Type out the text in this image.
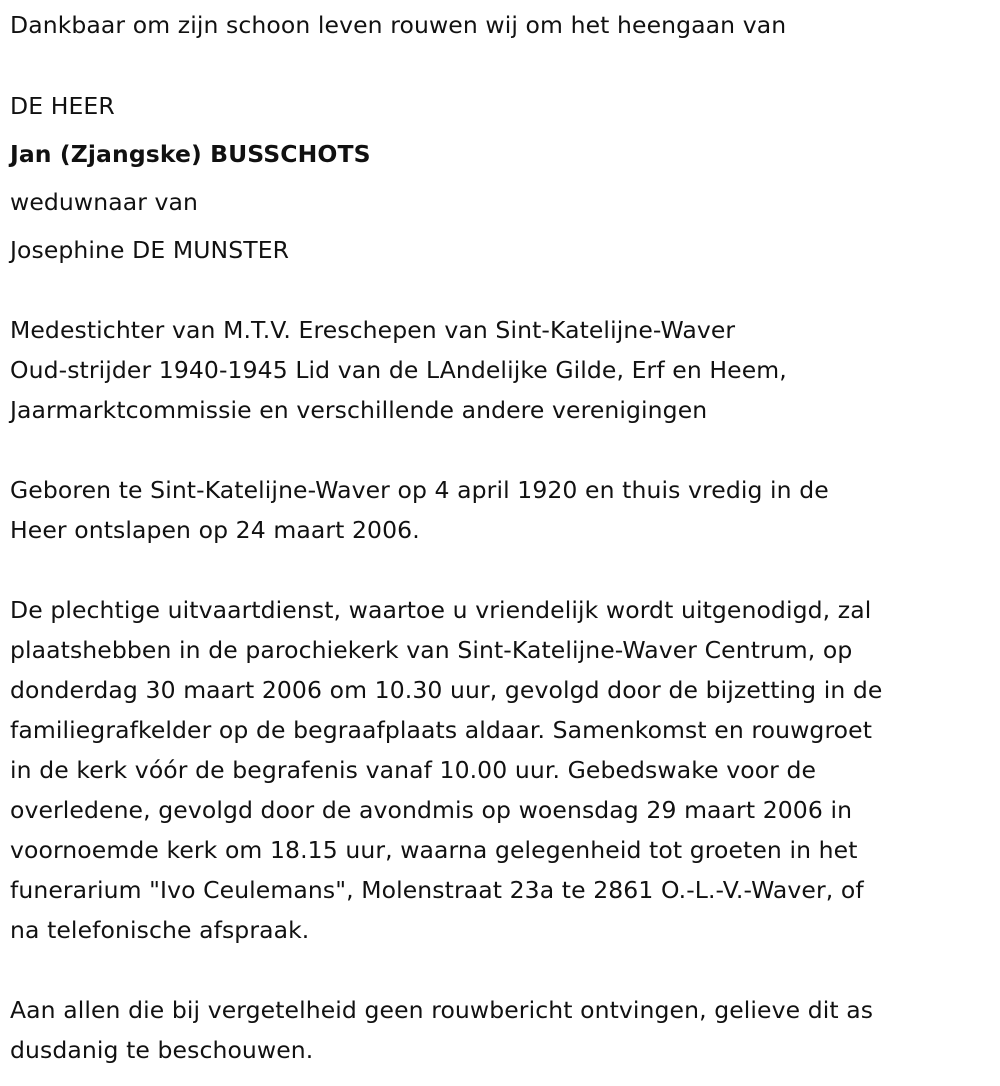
Dankbaar om zijn schoon leven rouwen wij om het heengaan van
DE HEER
Jan (Zjangske) BUSSCHOTS
weduwnaar van
Josephine DE MUNSTER
Medestichter van M.T.V. Ereschepen van Sint-Katelijne-Waver
Oud-strijder 1940-1945 Lid van de LAndelijke Gilde, Erf en Heem,
Jaarmarktcommissie en verschillende andere verenigingen
Geboren te Sint-Katelijne-Waver op 4 april 1920 en thuis vredig in de
Heer ontslapen op 24 maart 2006.
De plechtige uitvaartdienst, waartoe u vriendelijk wordt uitgenodigd, zal
plaatshebben in de parochiekerk van Sint-Katelijne-Waver Centrum, op
donderdag 30 maart 2006 om 10.30 uur, gevolgd door de bijzetting in de
familiegrafkelder op de begraafplaats aldaar. Samenkomst en rouwgroet
in de kerk vóór de begrafenis vanaf 10.00 uur. Gebedswake voor de
overledene, gevolgd door de avondmis op woensdag 29 maart 2006 in
voornoemde kerk om 18.15 uur, waarna gelegenheid tot groeten in het
funerarium "Ivo Ceulemans", Molenstraat 23a te 2861 O.-L.-V.-Waver, of
na telefonische afspraak.
Aan allen die bij vergetelheid geen rouwbericht ontvingen, gelieve dit as
dusdanig te beschouwen.
